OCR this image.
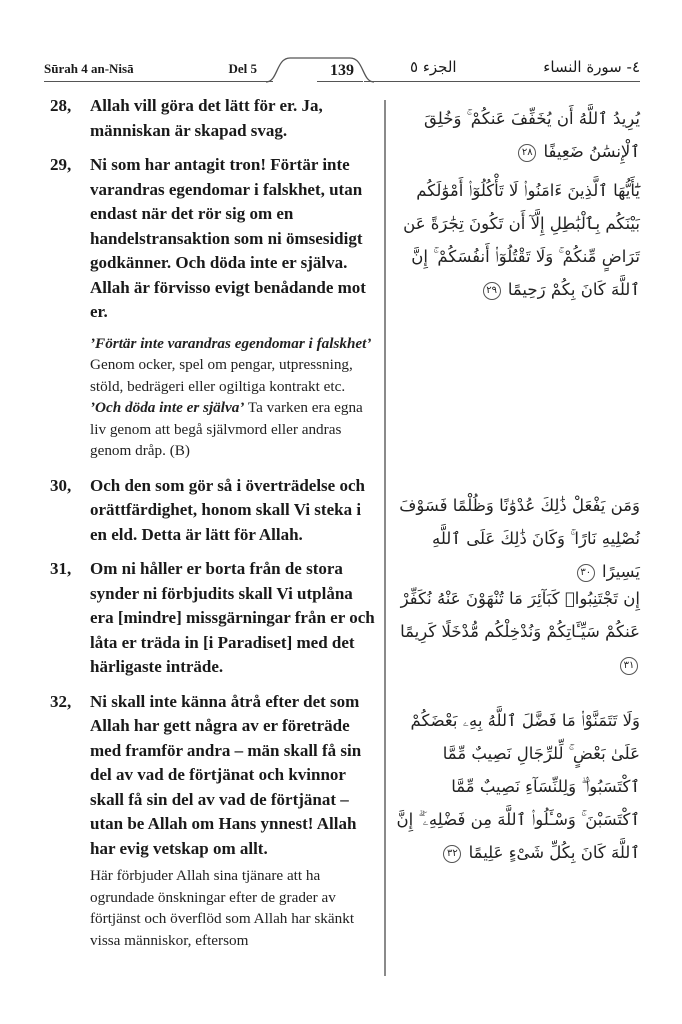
Sūrah 4 an-Nisā	Del 5	139	الجزء ٥	٤- سورة النساء
28, Allah vill göra det lätt för er. Ja, människan är skapad svag.
29, Ni som har antagit tron! Förtär inte varandras egendomar i falskhet, utan endast när det rör sig om en handelstransaktion som ni ömsesidigt godkänner. Och döda inte er själva. Allah är förvisso evigt benådande mot er.
’Förtär inte varandras egendomar i falskhet’ Genom ocker, spel om pengar, utpressning, stöld, bedrägeri eller ogiltiga kontrakt etc. ’Och döda inte er själva’ Ta varken era egna liv genom att begå självmord eller andras genom dråp. (B)
30, Och den som gör så i överträdelse och orättfärdighet, honom skall Vi steka i en eld. Detta är lätt för Allah.
31, Om ni håller er borta från de stora synder ni förbjudits skall Vi utplåna era [mindre] missgärningar från er och låta er träda in [i Paradiset] med det härligaste inträde.
32, Ni skall inte känna åtrå efter det som Allah har gett några av er företräde med framför andra – män skall få sin del av vad de förtjänat och kvinnor skall få sin del av vad de förtjänat – utan be Allah om Hans ynnest! Allah har evig vetskap om allt.
Här förbjuder Allah sina tjänare att ha ogrundade önskningar efter de grader av förtjänst och överflöd som Allah har skänkt vissa människor, eftersom
يُرِيدُ ٱللَّهُ أَن يُخَفِّفَ عَنكُمْ ۚ وَخُلِقَ ٱلْإِنسَٰنُ ضَعِيفًا ٢٨
يَٰٓأَيُّهَا ٱلَّذِينَ ءَامَنُوا۟ لَا تَأْكُلُوٓا۟ أَمْوَٰلَكُم بَيْنَكُم بِٱلْبَٰطِلِ إِلَّآ أَن تَكُونَ تِجَٰرَةً عَن تَرَاضٍ مِّنكُمْ ۚ وَلَا تَقْتُلُوٓا۟ أَنفُسَكُمْ ۚ إِنَّ ٱللَّهَ كَانَ بِكُمْ رَحِيمًا ٢٩
وَمَن يَفْعَلْ ذَٰلِكَ عُدْوَٰنًا وَظُلْمًا فَسَوْفَ نُصْلِيهِ نَارًا ۚ وَكَانَ ذَٰلِكَ عَلَى ٱللَّهِ يَسِيرًا ٣٠
إِن تَجْتَنِبُوا۟ كَبَآئِرَ مَا تُنْهَوْنَ عَنْهُ نُكَفِّرْ عَنكُمْ سَيِّـَٔاتِكُمْ وَنُدْخِلْكُم مُّدْخَلًا كَرِيمًا ٣١
وَلَا تَتَمَنَّوْا۟ مَا فَضَّلَ ٱللَّهُ بِهِۦ بَعْضَكُمْ عَلَىٰ بَعْضٍ ۚ لِّلرِّجَالِ نَصِيبٌ مِّمَّا ٱكْتَسَبُوا۟ ۖ وَلِلنِّسَآءِ نَصِيبٌ مِّمَّا ٱكْتَسَبْنَ ۚ وَسْـَٔلُوا۟ ٱللَّهَ مِن فَضْلِهِۦٓ ۗ إِنَّ ٱللَّهَ كَانَ بِكُلِّ شَىْءٍ عَلِيمًا ٣٢
